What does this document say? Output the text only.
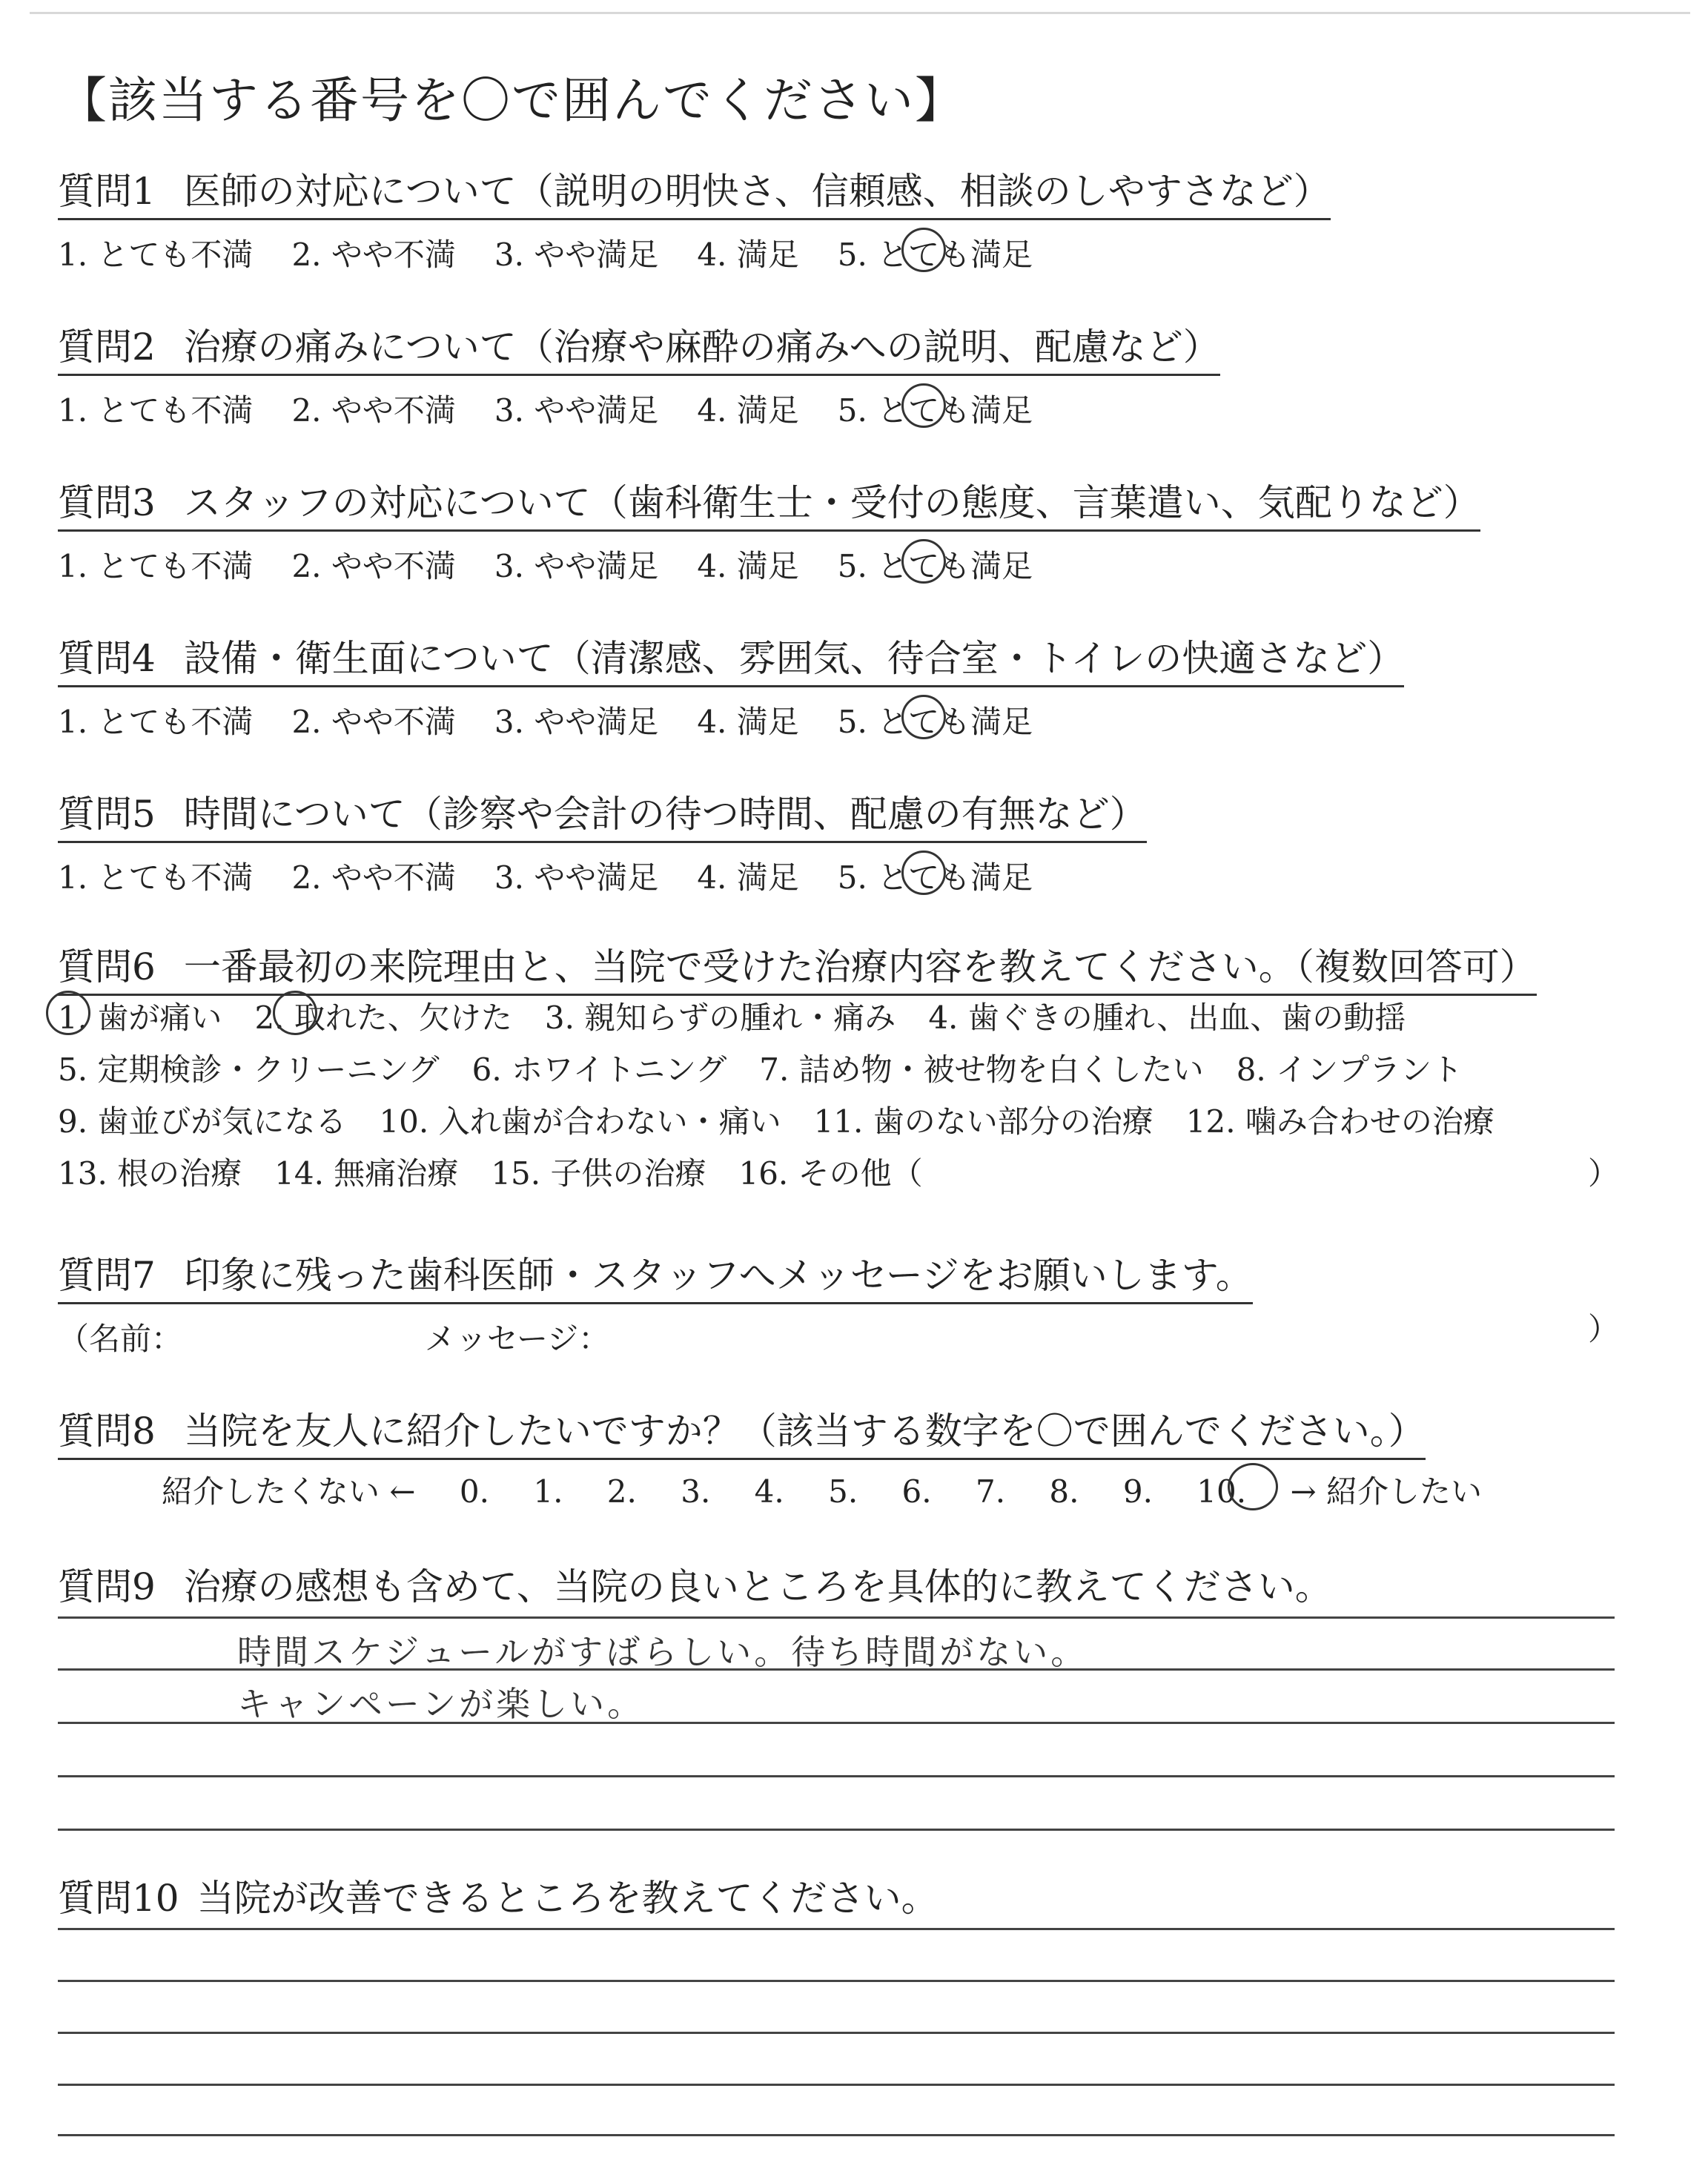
【該当する番号を〇で囲んでください】
質問1 医師の対応について（説明の明快さ、信頼感、相談のしやすさなど）
1. とても不満 2. やや不満 3. やや満足 4. 満足 5. とても満足
質問2 治療の痛みについて（治療や麻酔の痛みへの説明、配慮など）
1. とても不満 2. やや不満 3. やや満足 4. 満足 5. とても満足
質問3 スタッフの対応について（歯科衛生士・受付の態度、言葉遣い、気配りなど）
1. とても不満 2. やや不満 3. やや満足 4. 満足 5. とても満足
質問4 設備・衛生面について（清潔感、雰囲気、待合室・トイレの快適さなど）
1. とても不満 2. やや不満 3. やや満足 4. 満足 5. とても満足
質問5 時間について（診察や会計の待つ時間、配慮の有無など）
1. とても不満 2. やや不満 3. やや満足 4. 満足 5. とても満足
質問6 一番最初の来院理由と、当院で受けた治療内容を教えてください。（複数回答可）
1. 歯が痛い 2. 取れた、欠けた 3. 親知らずの腫れ・痛み 4. 歯ぐきの腫れ、出血、歯の動揺
5. 定期検診・クリーニング 6. ホワイトニング 7. 詰め物・被せ物を白くしたい 8. インプラント
9. 歯並びが気になる 10. 入れ歯が合わない・痛い 11. 歯のない部分の治療 12. 噛み合わせの治療
13. 根の治療 14. 無痛治療 15. 子供の治療 16. その他（	）
質問7 印象に残った歯科医師・スタッフへメッセージをお願いします。
（名前：	メッセージ：	）
質問8 当院を友人に紹介したいですか？（該当する数字を〇で囲んでください。）
紹介したくない ← 0. 1. 2. 3. 4. 5. 6. 7. 8. 9. 10. → 紹介したい
質問9 治療の感想も含めて、当院の良いところを具体的に教えてください。
時間スケジュールがすばらしい。待ち時間がない。
キャンペーンが楽しい。
質問10 当院が改善できるところを教えてください。
